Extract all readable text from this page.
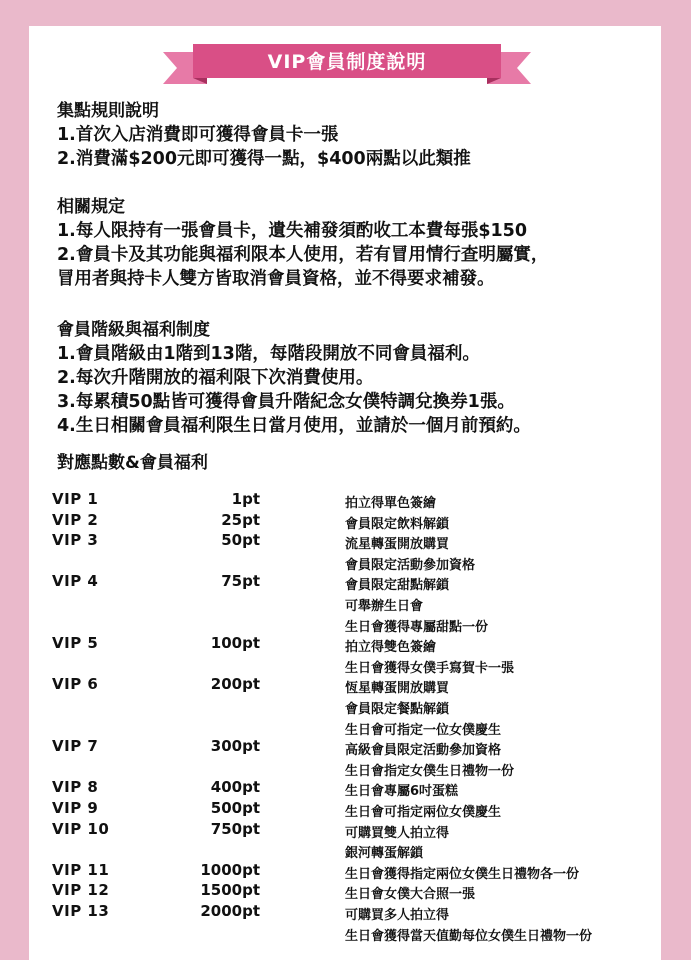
VIP會員制度說明
集點規則說明
1.首次入店消費即可獲得會員卡一張
2.消費滿$200元即可獲得一點，$400兩點以此類推
相關規定
1.每人限持有一張會員卡，遺失補發須酌收工本費每張$150
2.會員卡及其功能與福利限本人使用，若有冒用情行查明屬實，
冒用者與持卡人雙方皆取消會員資格，並不得要求補發。
會員階級與福利制度
1.會員階級由1階到13階，每階段開放不同會員福利。
2.每次升階開放的福利限下次消費使用。
3.每累積50點皆可獲得會員升階紀念女僕特調兌換券1張。
4.生日相關會員福利限生日當月使用，並請於一個月前預約。
對應點數&會員福利
VIP 1	1pt	拍立得單色簽繪
VIP 2	25pt	會員限定飲料解鎖
VIP 3	50pt	流星轉蛋開放購買
會員限定活動參加資格
VIP 4	75pt	會員限定甜點解鎖
可舉辦生日會
生日會獲得專屬甜點一份
VIP 5	100pt	拍立得雙色簽繪
生日會獲得女僕手寫賀卡一張
VIP 6	200pt	恆星轉蛋開放購買
會員限定餐點解鎖
生日會可指定一位女僕慶生
VIP 7	300pt	高級會員限定活動參加資格
生日會指定女僕生日禮物一份
VIP 8	400pt	生日會專屬6吋蛋糕
VIP 9	500pt	生日會可指定兩位女僕慶生
VIP 10	750pt	可購買雙人拍立得
銀河轉蛋解鎖
VIP 11	1000pt	生日會獲得指定兩位女僕生日禮物各一份
VIP 12	1500pt	生日會女僕大合照一張
VIP 13	2000pt	可購買多人拍立得
生日會獲得當天值勤每位女僕生日禮物一份
